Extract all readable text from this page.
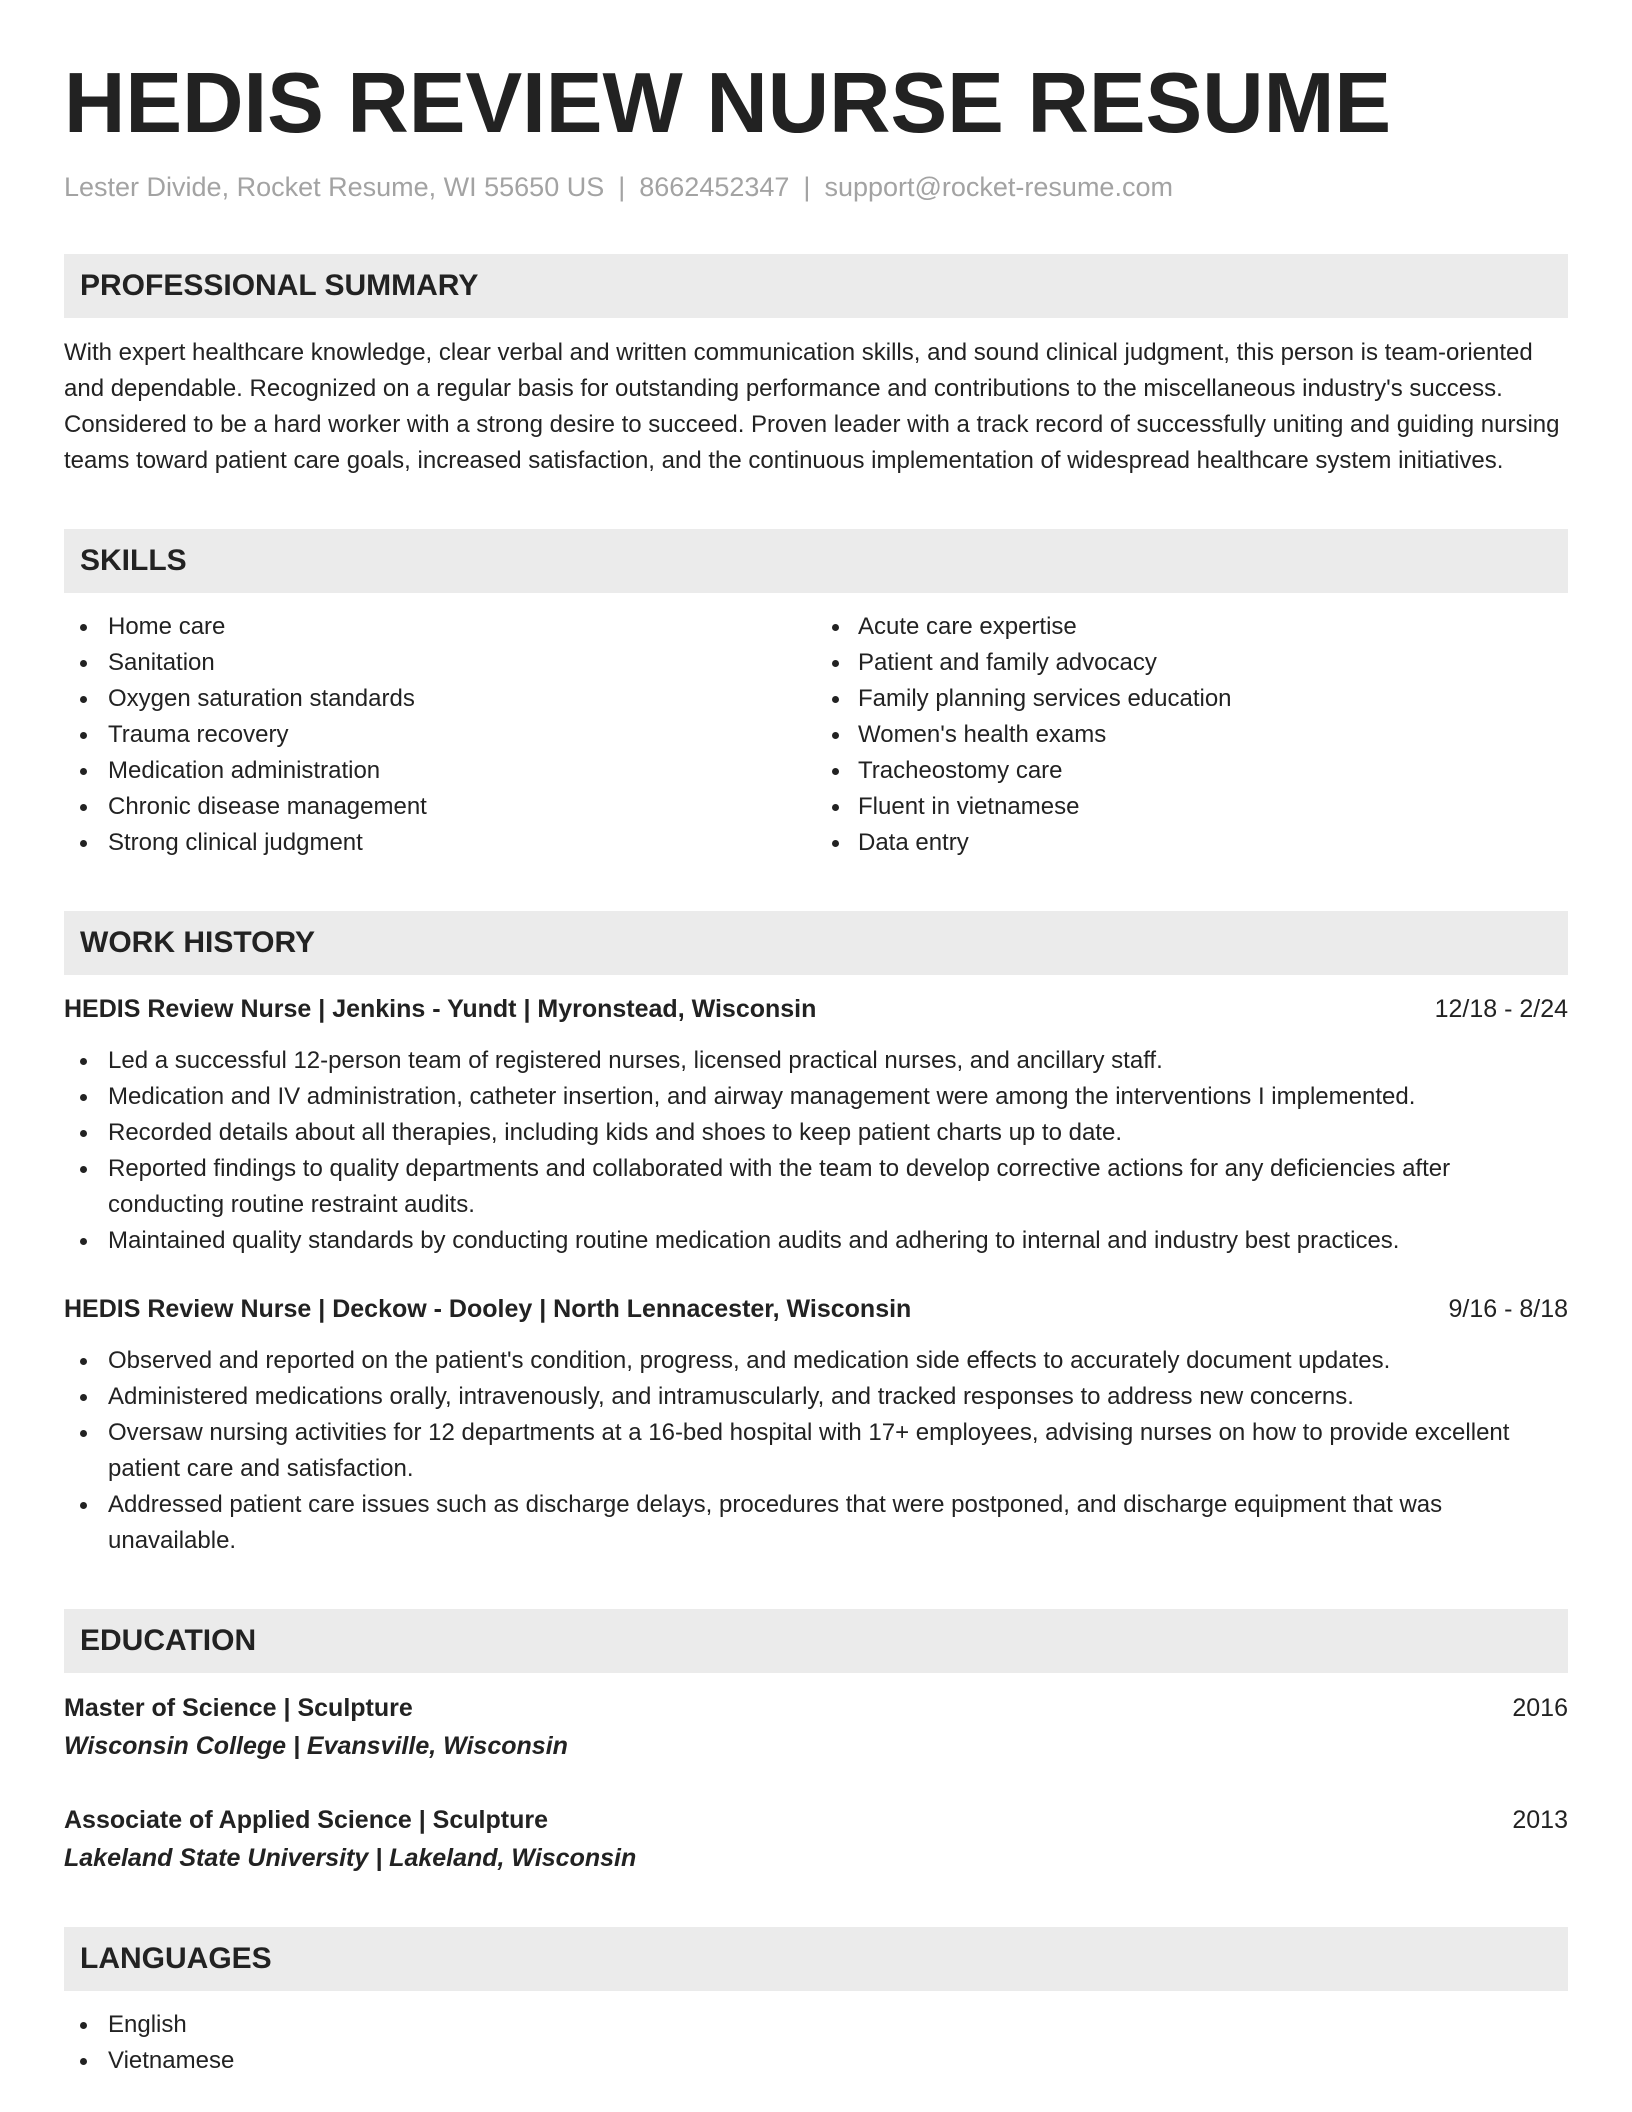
HEDIS REVIEW NURSE RESUME
Lester Divide, Rocket Resume, WI 55650 US | 8662452347 | support@rocket-resume.com
PROFESSIONAL SUMMARY

With expert healthcare knowledge, clear verbal and written communication skills, and sound clinical judgment, this person is team-oriented and dependable. Recognized on a regular basis for outstanding performance and contributions to the miscellaneous industry's success. Considered to be a hard worker with a strong desire to succeed. Proven leader with a track record of successfully uniting and guiding nursing teams toward patient care goals, increased satisfaction, and the continuous implementation of widespread healthcare system initiatives.

SKILLS
Home care
Sanitation
Oxygen saturation standards
Trauma recovery
Medication administration
Chronic disease management
Strong clinical judgment
Acute care expertise
Patient and family advocacy
Family planning services education
Women's health exams
Tracheostomy care
Fluent in vietnamese
Data entry
WORK HISTORY
HEDIS Review Nurse | Jenkins - Yundt | Myronstead, Wisconsin	12/18 - 2/24
Led a successful 12-person team of registered nurses, licensed practical nurses, and ancillary staff.
Medication and IV administration, catheter insertion, and airway management were among the interventions I implemented.
Recorded details about all therapies, including kids and shoes to keep patient charts up to date.
Reported findings to quality departments and collaborated with the team to develop corrective actions for any deficiencies after conducting routine restraint audits.
Maintained quality standards by conducting routine medication audits and adhering to internal and industry best practices.
HEDIS Review Nurse | Deckow - Dooley | North Lennacester, Wisconsin	9/16 - 8/18
Observed and reported on the patient's condition, progress, and medication side effects to accurately document updates.
Administered medications orally, intravenously, and intramuscularly, and tracked responses to address new concerns.
Oversaw nursing activities for 12 departments at a 16-bed hospital with 17+ employees, advising nurses on how to provide excellent patient care and satisfaction.
Addressed patient care issues such as discharge delays, procedures that were postponed, and discharge equipment that was unavailable.
EDUCATION
Master of Science | Sculpture	2016
Wisconsin College | Evansville, Wisconsin
Associate of Applied Science | Sculpture	2013
Lakeland State University | Lakeland, Wisconsin
LANGUAGES
English
Vietnamese
